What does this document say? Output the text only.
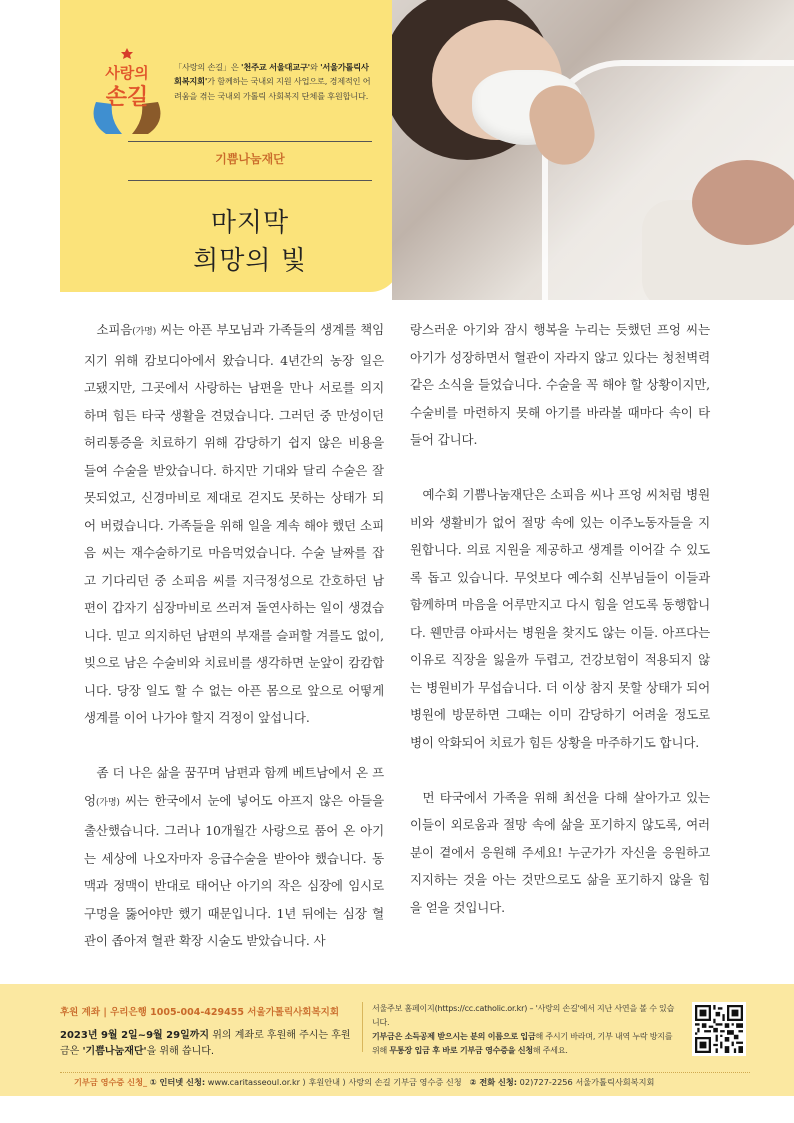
사랑의
손길
「사랑의 손길」은 '천주교 서울대교구'와 '서울가톨릭사회복지회'가 함께하는 국내외 지원 사업으로, 경제적인 어려움을 겪는 국내외 가톨릭 사회복지 단체를 후원합니다.
기쁨나눔재단
마지막
희망의 빛

소피음(가명) 씨는 아픈 부모님과 가족들의 생계를 책임지기 위해 캄보디아에서 왔습니다. 4년간의 농장 일은 고됐지만, 그곳에서 사랑하는 남편을 만나 서로를 의지하며 힘든 타국 생활을 견뎠습니다. 그러던 중 만성이던 허리통증을 치료하기 위해 감당하기 쉽지 않은 비용을 들여 수술을 받았습니다. 하지만 기대와 달리 수술은 잘못되었고, 신경마비로 제대로 걷지도 못하는 상태가 되어 버렸습니다. 가족들을 위해 일을 계속 해야 했던 소피음 씨는 재수술하기로 마음먹었습니다. 수술 날짜를 잡고 기다리던 중 소피음 씨를 지극정성으로 간호하던 남편이 갑자기 심장마비로 쓰러져 돌연사하는 일이 생겼습니다. 믿고 의지하던 남편의 부재를 슬퍼할 겨를도 없이, 빚으로 남은 수술비와 치료비를 생각하면 눈앞이 캄캄합니다. 당장 일도 할 수 없는 아픈 몸으로 앞으로 어떻게 생계를 이어 나가야 할지 걱정이 앞섭니다.

좀 더 나은 삶을 꿈꾸며 남편과 함께 베트남에서 온 프엉(가명) 씨는 한국에서 눈에 넣어도 아프지 않은 아들을 출산했습니다. 그러나 10개월간 사랑으로 품어 온 아기는 세상에 나오자마자 응급수술을 받아야 했습니다. 동맥과 정맥이 반대로 태어난 아기의 작은 심장에 임시로 구멍을 뚫어야만 했기 때문입니다. 1년 뒤에는 심장 혈관이 좁아져 혈관 확장 시술도 받았습니다. 사

랑스러운 아기와 잠시 행복을 누리는 듯했던 프엉 씨는 아기가 성장하면서 혈관이 자라지 않고 있다는 청천벽력 같은 소식을 들었습니다. 수술을 꼭 해야 할 상황이지만, 수술비를 마련하지 못해 아기를 바라볼 때마다 속이 타들어 갑니다.

예수회 기쁨나눔재단은 소피음 씨나 프엉 씨처럼 병원비와 생활비가 없어 절망 속에 있는 이주노동자들을 지원합니다. 의료 지원을 제공하고 생계를 이어갈 수 있도록 돕고 있습니다. 무엇보다 예수회 신부님들이 이들과 함께하며 마음을 어루만지고 다시 힘을 얻도록 동행합니다. 웬만큼 아파서는 병원을 찾지도 않는 이들. 아프다는 이유로 직장을 잃을까 두렵고, 건강보험이 적용되지 않는 병원비가 무섭습니다. 더 이상 참지 못할 상태가 되어 병원에 방문하면 그때는 이미 감당하기 어려울 정도로 병이 악화되어 치료가 힘든 상황을 마주하기도 합니다.

먼 타국에서 가족을 위해 최선을 다해 살아가고 있는 이들이 외로움과 절망 속에 삶을 포기하지 않도록, 여러분이 곁에서 응원해 주세요! 누군가가 자신을 응원하고 지지하는 것을 아는 것만으로도 삶을 포기하지 않을 힘을 얻을 것입니다.

후원 계좌 | 우리은행 1005-004-429455 서울가톨릭사회복지회
2023년 9월 2일~9월 29일까지 위의 계좌로 후원해 주시는 후원금은 '기쁨나눔재단'을 위해 씁니다.
서울주보 홈페이지(https://cc.catholic.or.kr) – '사랑의 손길'에서 지난 사연을 볼 수 있습니다.
기부금은 소득공제 받으시는 분의 이름으로 입금해 주시기 바라며, 기부 내역 누락 방지를 위해 무통장 입금 후 바로 기부금 영수증을 신청해 주세요.
기부금 영수증 신청_ ① 인터넷 신청: www.caritasseoul.or.kr ⟩ 후원안내 ⟩ 사랑의 손길 기부금 영수증 신청 ② 전화 신청: 02)727-2256 서울가톨릭사회복지회
